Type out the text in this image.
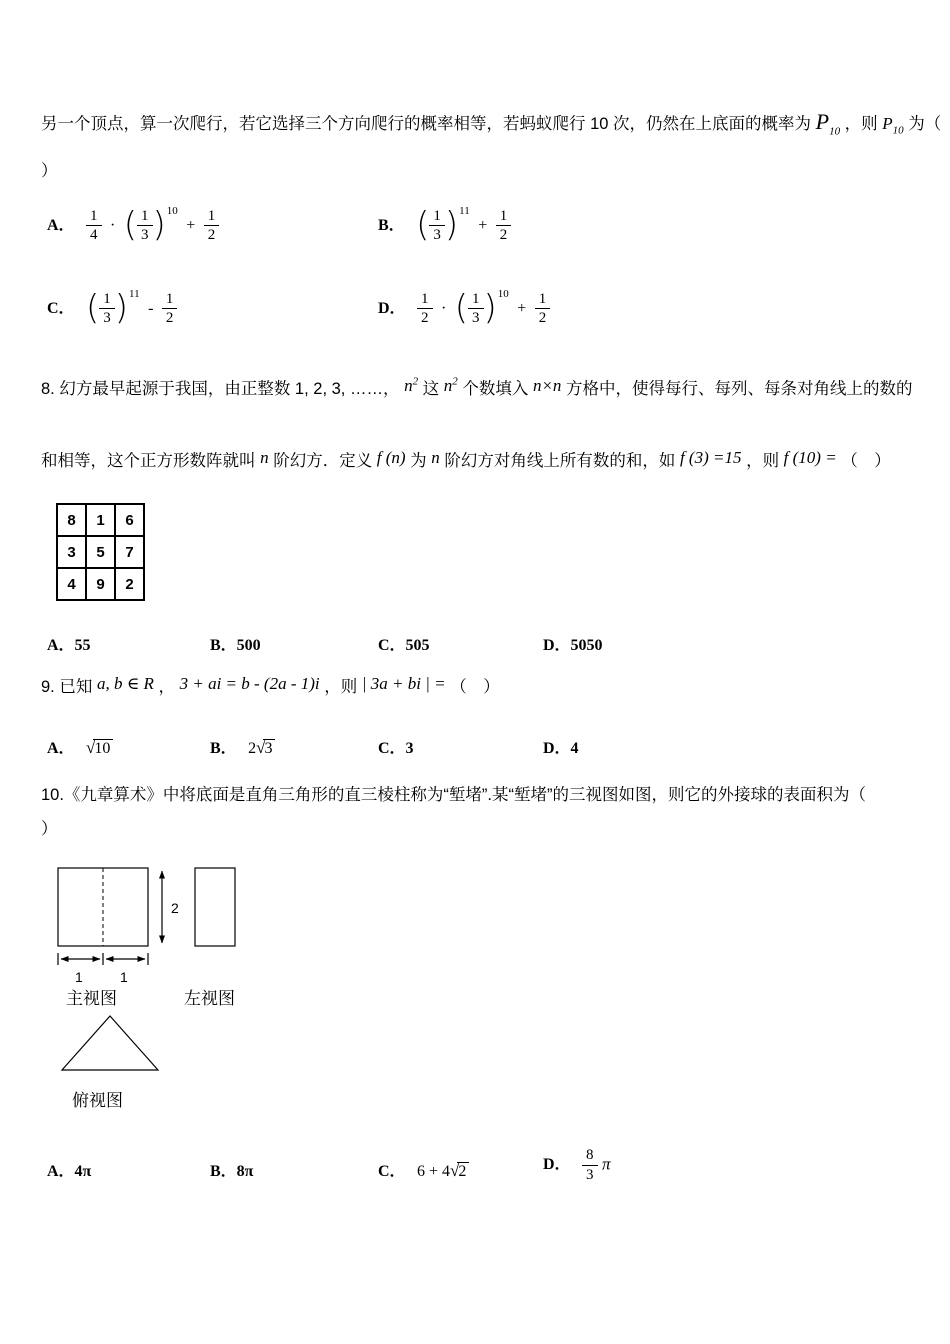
另一个顶点，算一次爬行，若它选择三个方向爬行的概率相等，若蚂蚁爬行 10 次，仍然在上底面的概率为 $P_{10}$ ，则 $P_{10}$ 为（
）
A． $\frac{1}{4}$ · ( $\frac{1}{3} )10 + \frac{1}{2}$	B． ( $\frac{1}{3} )11 + \frac{1}{2}$
C． ( $\frac{1}{3} )11 - \frac{1}{2}$	D． $\frac{1}{2}$ · ( $\frac{1}{3} )10 + \frac{1}{2}$
8. 幻方最早起源于我国，由正整数 1, 2, 3, ……， $n^2$ 这 $n^2$ 个数填入 n×n 方格中，使得每行、每列、每条对角线上的数的
和相等，这个正方形数阵就叫 n 阶幻方．定义 f (n) 为 n 阶幻方对角线上所有数的和，如 f (3) =15 ，则 f (10) = （　）
8	1	6
3	5	7
4	9	2
A．55	B．500	C．505	D．5050
9. 已知 a, b ∈ R ， 3 + ai = b - (2a - 1)i ，则 | 3a + bi | = （　）
A． √10	B． 2√3	C．3	D．4
10.《九章算术》中将底面是直角三角形的直三棱柱称为“堑堵”.某“堑堵”的三视图如图，则它的外接球的表面积为（
）
2
1	1
主视图	左视图
俯视图
A．4π	B．8π	C． 6 + 4√2	D． $\frac{8}{3}$ π
